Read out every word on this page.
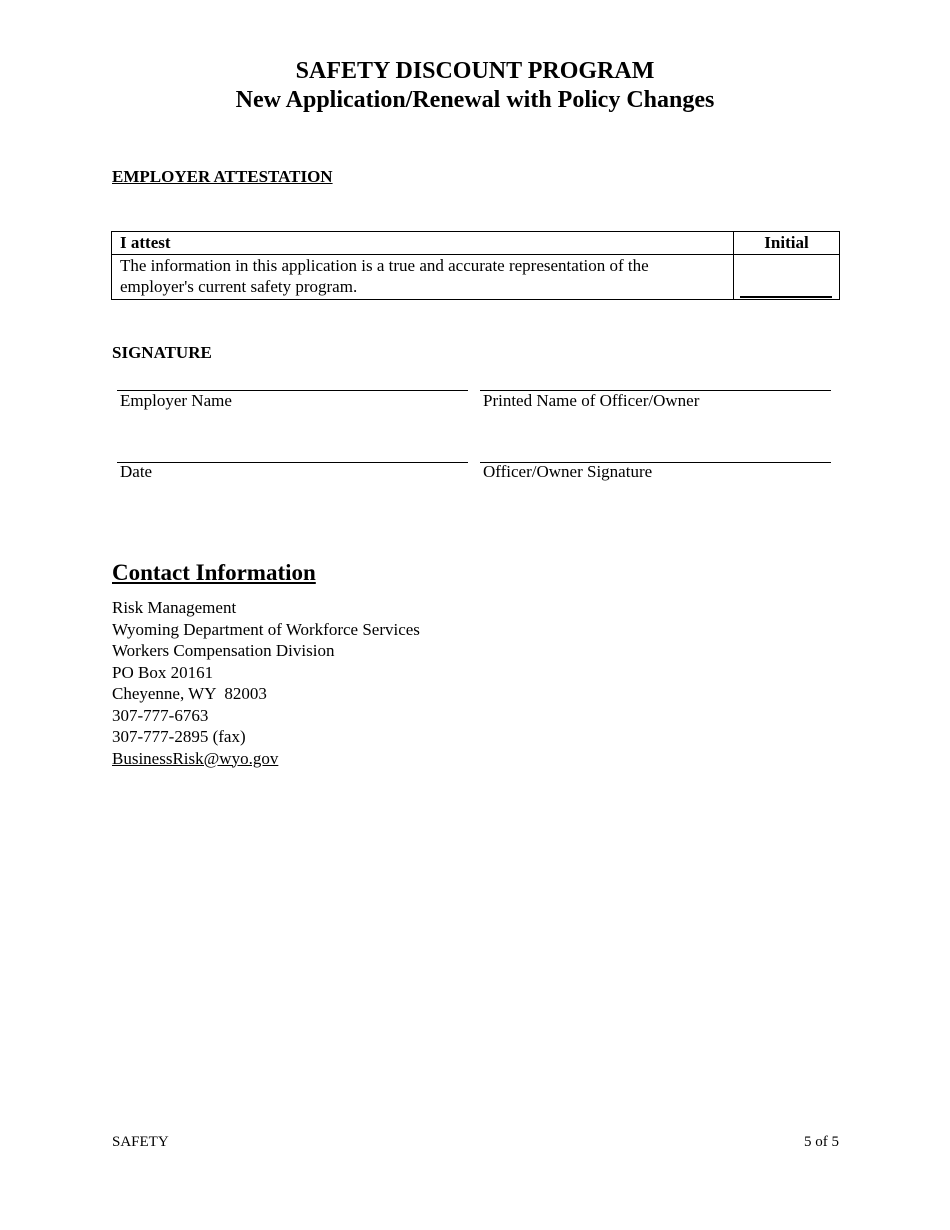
SAFETY DISCOUNT PROGRAM
New Application/Renewal with Policy Changes
EMPLOYER ATTESTATION
I attest	Initial
The information in this application is a true and accurate representation of the employer's current safety program.	
SIGNATURE
Employer Name	Printed Name of Officer/Owner
Date	Officer/Owner Signature
Contact Information
Risk Management
Wyoming Department of Workforce Services
Workers Compensation Division
PO Box 20161
Cheyenne, WY  82003
307-777-6763
307-777-2895 (fax)
BusinessRisk@wyo.gov
SAFETY	5 of 5
